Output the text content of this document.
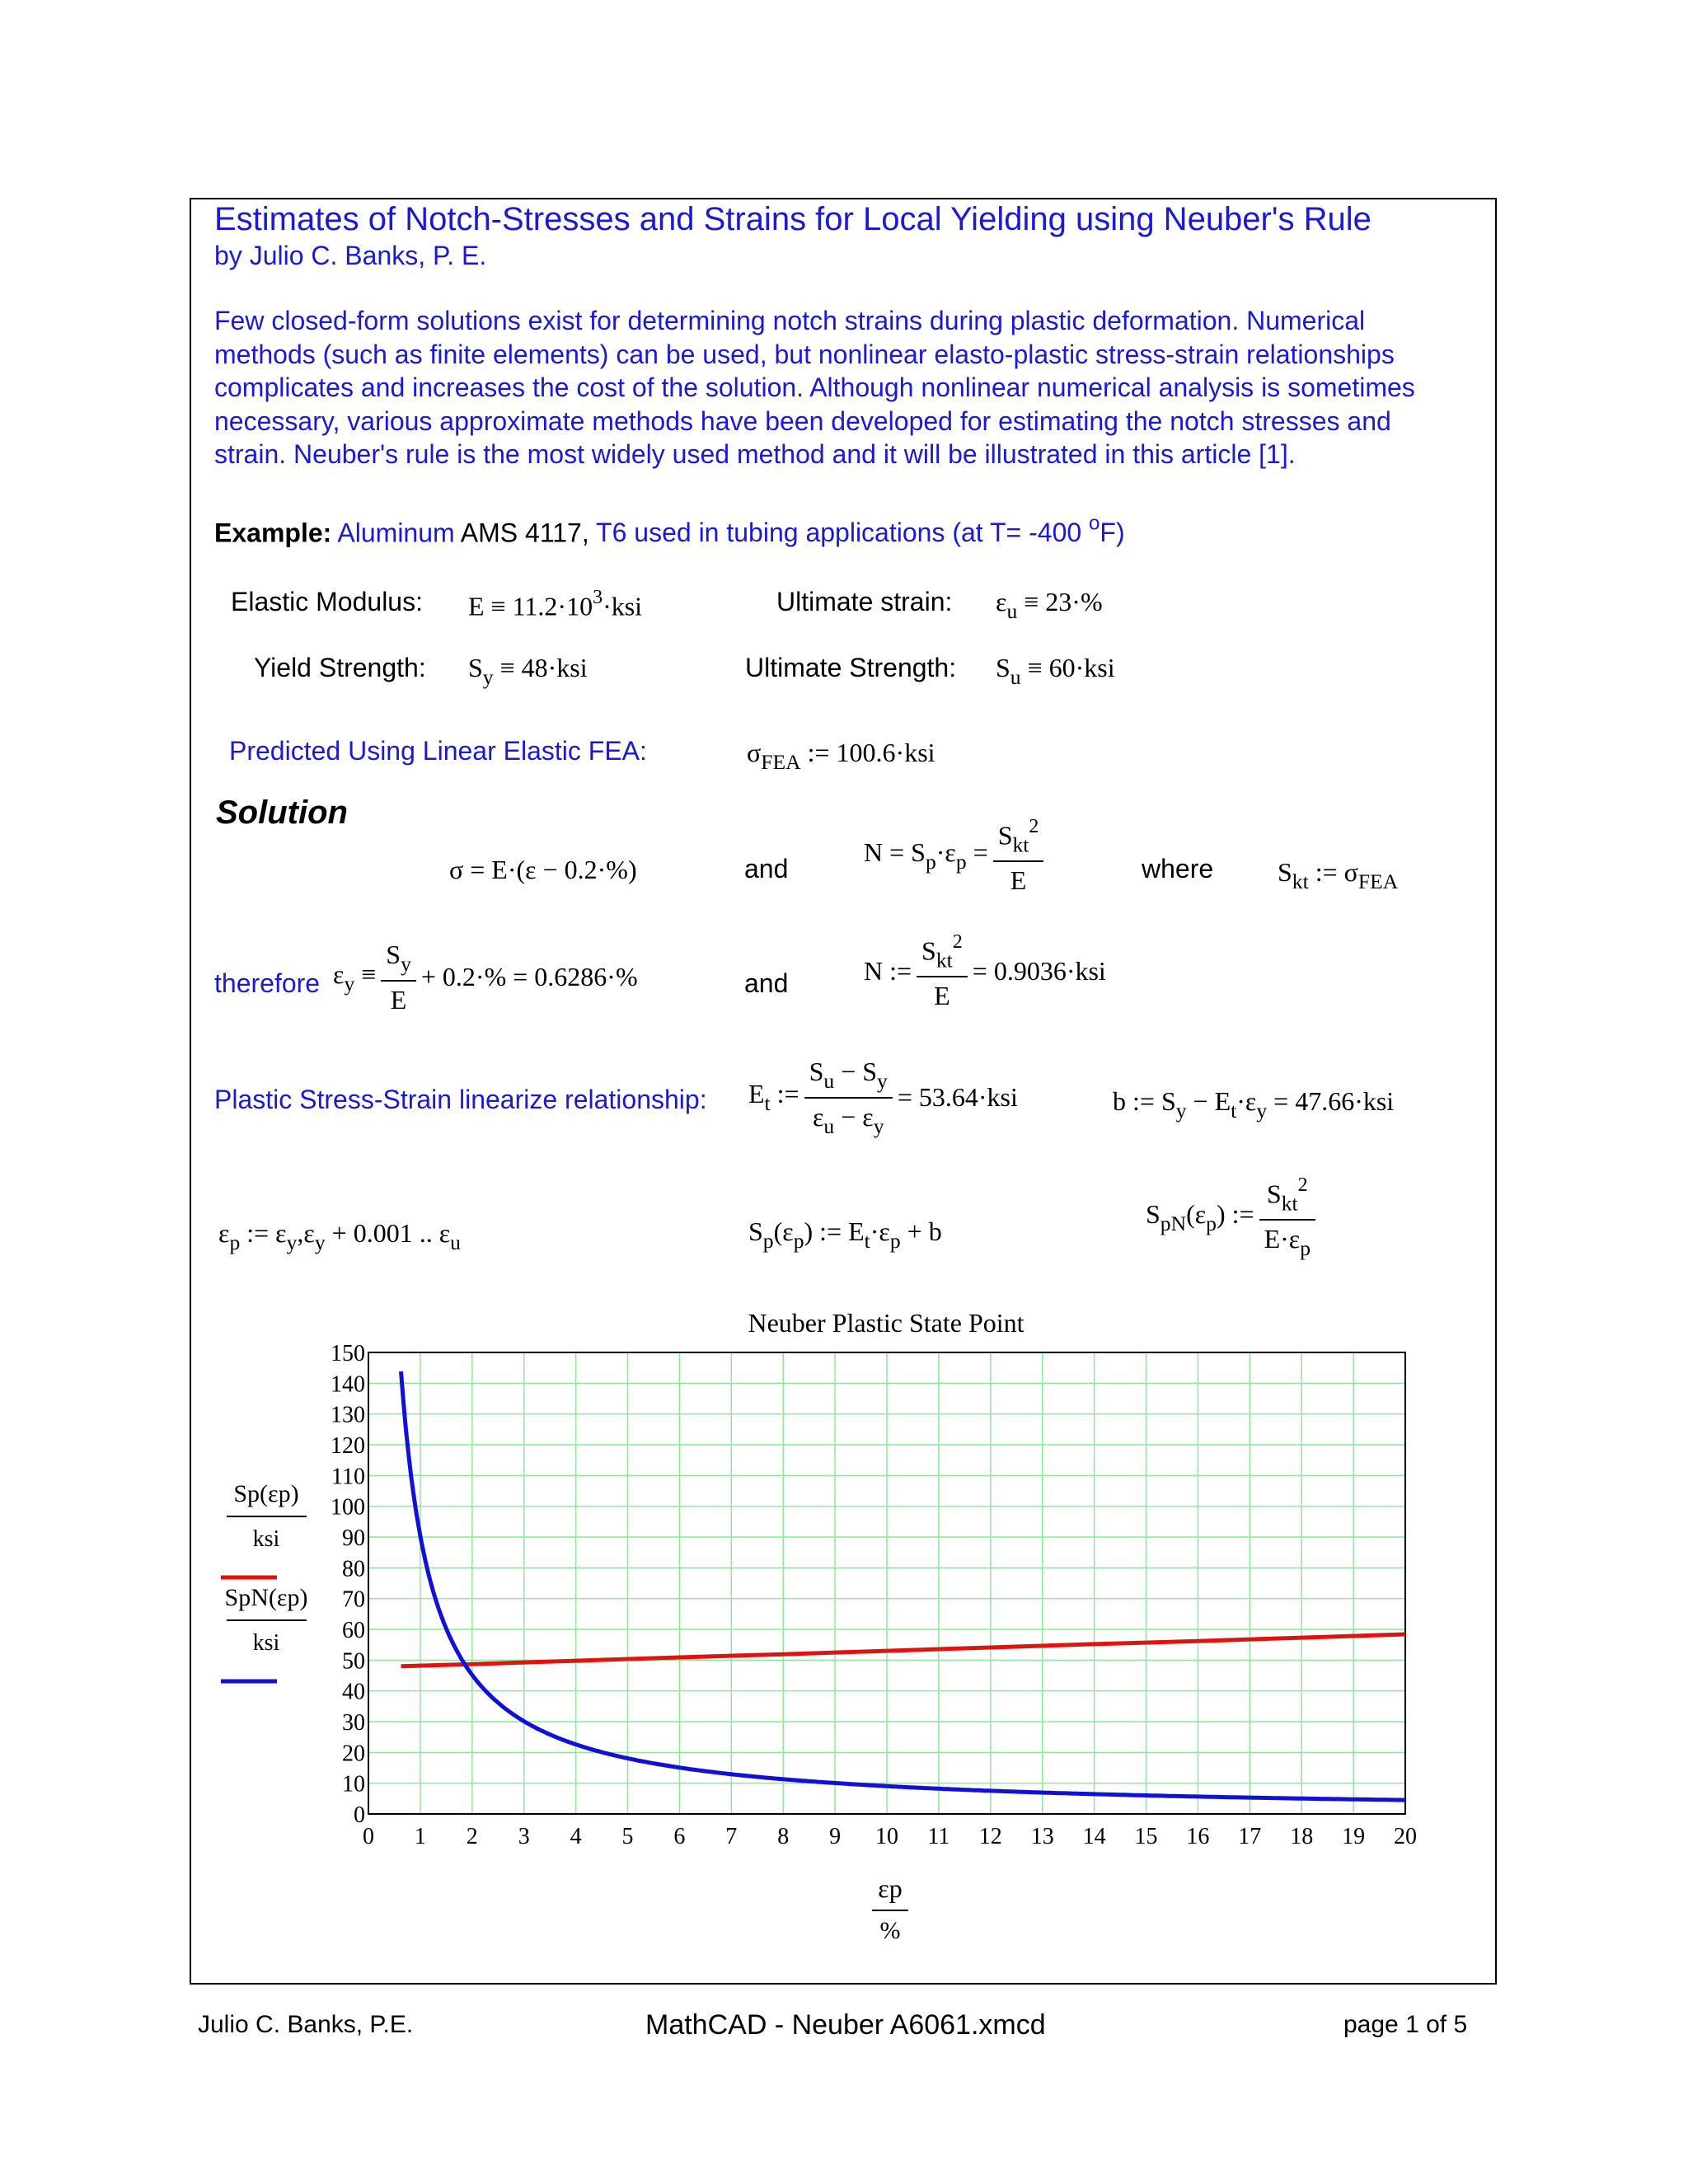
Estimates of Notch-Stresses and Strains for Local Yielding using Neuber's Rule
by Julio C. Banks, P. E.
Few closed-form solutions exist for determining notch strains during plastic deformation. Numerical
methods (such as finite elements) can be used, but nonlinear elasto-plastic stress-strain relationships
complicates and increases the cost of the solution. Although nonlinear numerical analysis is sometimes
necessary, various approximate methods have been developed for estimating the notch stresses and
strain. Neuber's rule is the most widely used method and it will be illustrated in this article [1].
Example: Aluminum AMS 4117, T6 used in tubing applications (at T= -400 $^o$F)
Elastic Modulus: $E \equiv 11.2\cdot 10^3\cdot ksi$	Ultimate strain: $\varepsilon_u \equiv 23\cdot\%$
Yield Strength: $S_y \equiv 48\cdot ksi$	Ultimate Strength: $S_u \equiv 60\cdot ksi$
Predicted Using Linear Elastic FEA:	$\sigma_{FEA}$ := 100.6·ksi
Solution
σ = E·(ε − 0.2·%)	and
$N = S_p\cdot\varepsilon_p = \frac{S_{kt}^2}{E}$	where $S_{kt}$ := $\sigma_{FEA}$
therefore $\varepsilon_y \equiv \frac{S_y}{E} + 0.2\cdot\% = 0.6286\cdot\%$	and	N := $\frac{S_{kt}^2}{E} = 0.9036\cdot ksi$
Plastic Stress-Strain linearize relationship: $E_t$ := $\frac{S_u - S_y}{\varepsilon_u - \varepsilon_y} = 53.64\cdot ksi$	b := $S_y - E_t\cdot\varepsilon_y = 47.66\cdot ksi$
$\varepsilon_p$ := $\varepsilon_y,\varepsilon_y + 0.001$ .. $\varepsilon_u$	$S_p(\varepsilon_p)$ := $E_t\cdot\varepsilon_p + b$
$S_{pN}(\varepsilon_p)$ := $\frac{S_{kt}^2}{E\cdot\varepsilon_p}$
Neuber Plastic State Point
0
10
20
30
40
50
60
70
80
90
100
110
120
130
140
150
0 1 2 3 4 5 6 7 8 9 10 11 12 13 14 15 16 17 18 19 20
εp
%
Sp(εp)
ksi
SpN(εp)
ksi
Julio C. Banks, P.E.	MathCAD - Neuber A6061.xmcd	page 1 of 5
